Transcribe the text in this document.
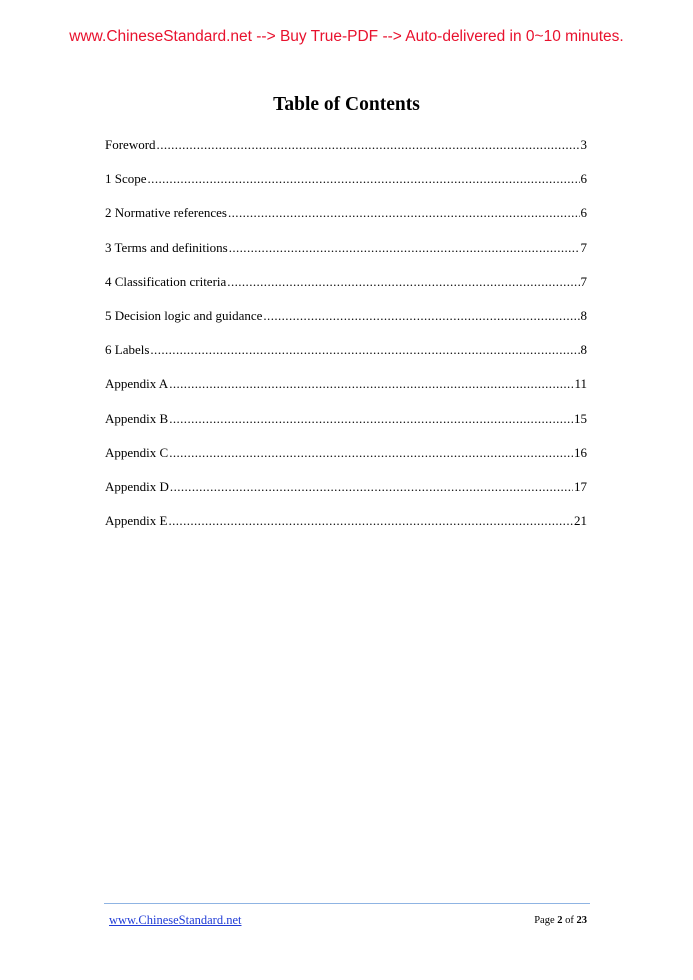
www.ChineseStandard.net --> Buy True-PDF --> Auto-delivered in 0~10 minutes.
Table of Contents
Foreword .....	3
1 Scope .....	6
2 Normative references .....	6
3 Terms and definitions .....	7
4 Classification criteria .....	7
5 Decision logic and guidance .....	8
6 Labels .....	8
Appendix A .....	11
Appendix B .....	15
Appendix C .....	16
Appendix D .....	17
Appendix E .....	21
www.ChineseStandard.net	Page 2 of 23
